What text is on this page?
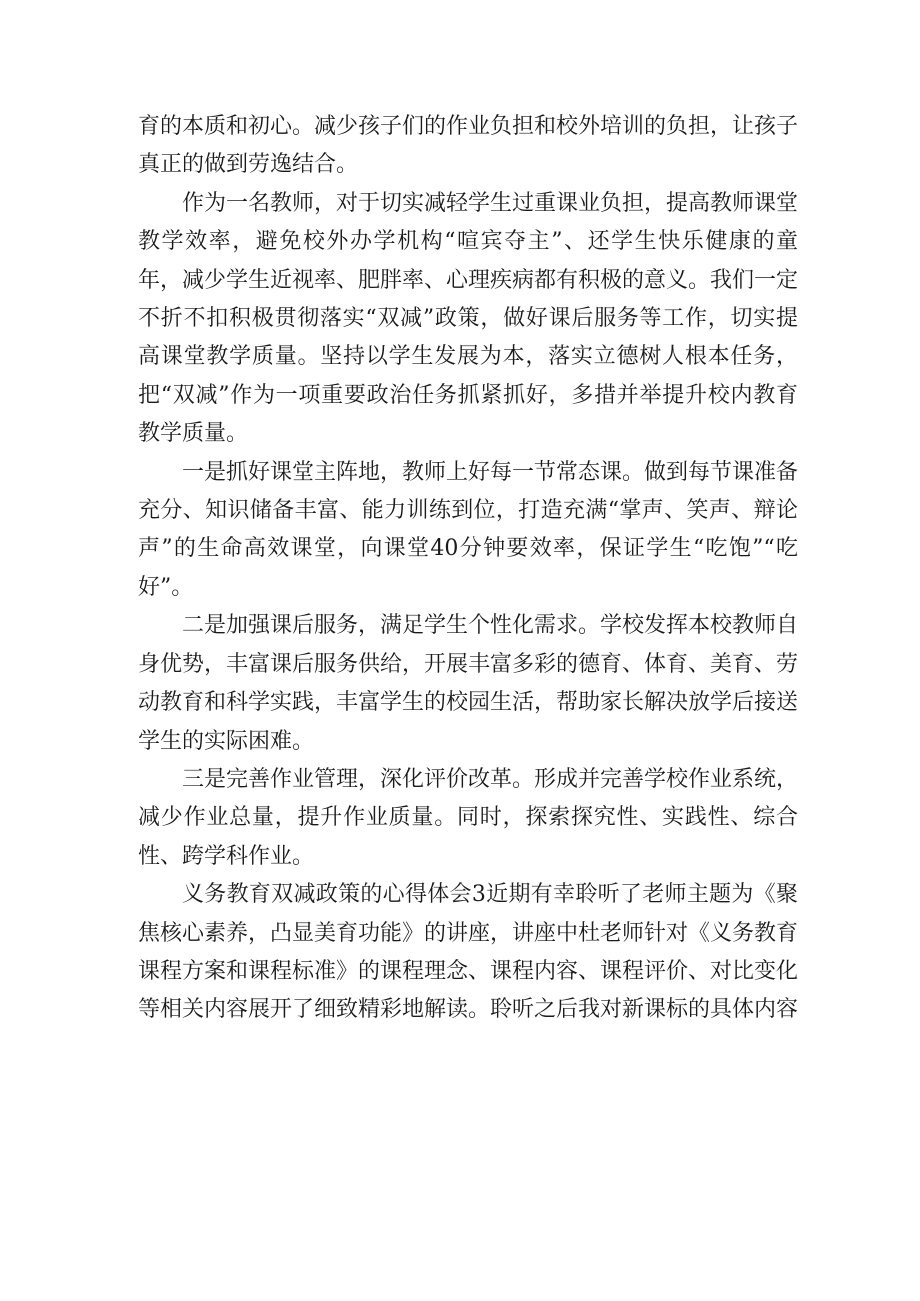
育的本质和初心。减少孩子们的作业负担和校外培训的负担，让孩子真正的做到劳逸结合。

作为一名教师，对于切实减轻学生过重课业负担，提高教师课堂教学效率，避免校外办学机构“喧宾夺主”、还学生快乐健康的童年，减少学生近视率、肥胖率、心理疾病都有积极的意义。我们一定不折不扣积极贯彻落实“双减”政策，做好课后服务等工作，切实提高课堂教学质量。坚持以学生发展为本，落实立德树人根本任务，把“双减”作为一项重要政治任务抓紧抓好，多措并举提升校内教育教学质量。

一是抓好课堂主阵地，教师上好每一节常态课。做到每节课准备充分、知识储备丰富、能力训练到位，打造充满“掌声、笑声、辩论声”的生命高效课堂，向课堂40分钟要效率，保证学生“吃饱”“吃好”。

二是加强课后服务，满足学生个性化需求。学校发挥本校教师自身优势，丰富课后服务供给，开展丰富多彩的德育、体育、美育、劳动教育和科学实践，丰富学生的校园生活，帮助家长解决放学后接送学生的实际困难。

三是完善作业管理，深化评价改革。形成并完善学校作业系统，减少作业总量，提升作业质量。同时，探索探究性、实践性、综合性、跨学科作业。

义务教育双减政策的心得体会3近期有幸聆听了老师主题为《聚焦核心素养，凸显美育功能》的讲座，讲座中杜老师针对《义务教育课程方案和课程标准》的课程理念、课程内容、课程评价、对比变化等相关内容展开了细致精彩地解读。聆听之后我对新课标的具体内容
